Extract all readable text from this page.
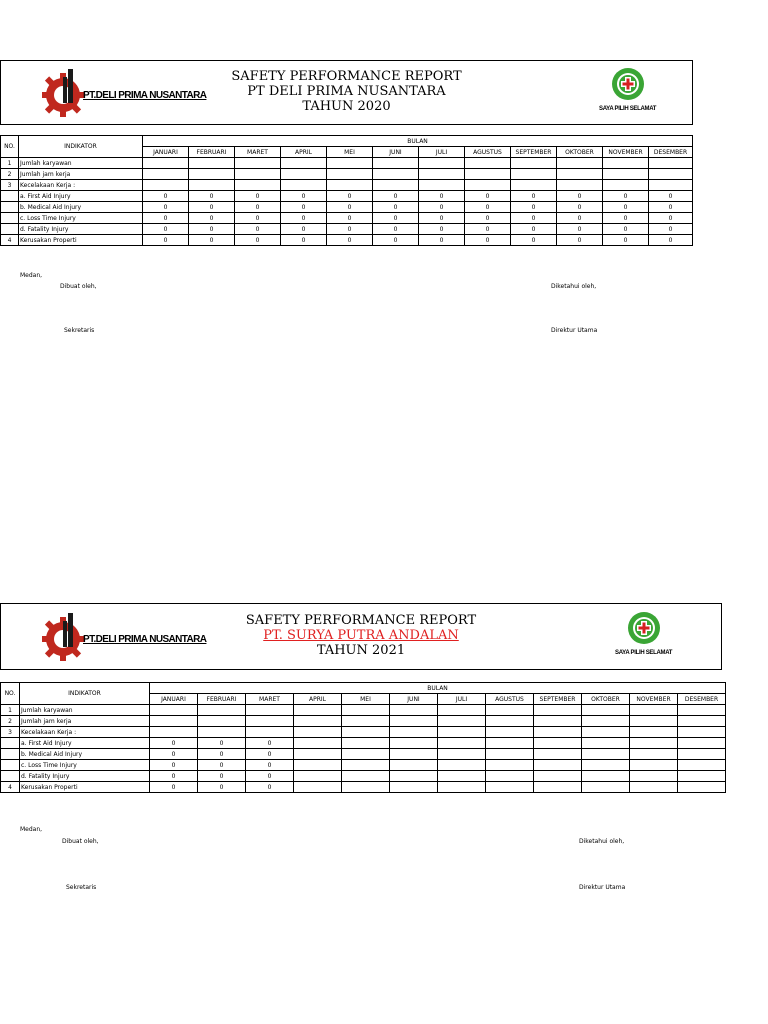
PT.DELI PRIMA NUSANTARA
SAFETY PERFORMANCE REPORT
PT DELI PRIMA NUSANTARA
TAHUN 2020	SAYA PILIH SELAMAT
NO.	INDIKATOR	BULAN											
		JANUARI	FEBRUARI	MARET	APRIL	MEI	JUNI	JULI	AGUSTUS	SEPTEMBER	OKTOBER	NOVEMBER	DESEMBER
1	Jumlah karyawan												
2	Jumlah jam kerja												
3	Kecelakaan Kerja :												
	a. First Aid Injury	0	0	0	0	0	0	0	0	0	0	0	0
	b. Medical Aid Injury	0	0	0	0	0	0	0	0	0	0	0	0
	c. Loss Time Injury	0	0	0	0	0	0	0	0	0	0	0	0
	d. Fatality Injury	0	0	0	0	0	0	0	0	0	0	0	0
4	Kerusakan Properti	0	0	0	0	0	0	0	0	0	0	0	0
Medan,
Dibuat oleh,	Diketahui oleh,
Sekretaris	Direktur Utama
PT.DELI PRIMA NUSANTARA
SAFETY PERFORMANCE REPORT
PT. SURYA PUTRA ANDALAN
TAHUN 2021	SAYA PILIH SELAMAT
NO.	INDIKATOR	BULAN											
		JANUARI	FEBRUARI	MARET	APRIL	MEI	JUNI	JULI	AGUSTUS	SEPTEMBER	OKTOBER	NOVEMBER	DESEMBER
1	Jumlah karyawan												
2	Jumlah jam kerja												
3	Kecelakaan Kerja :												
	a. First Aid Injury	0	0	0									
	b. Medical Aid Injury	0	0	0									
	c. Loss Time Injury	0	0	0									
	d. Fatality Injury	0	0	0									
4	Kerusakan Properti	0	0	0									
Medan,
Dibuat oleh,	Diketahui oleh,
Sekretaris	Direktur Utama
